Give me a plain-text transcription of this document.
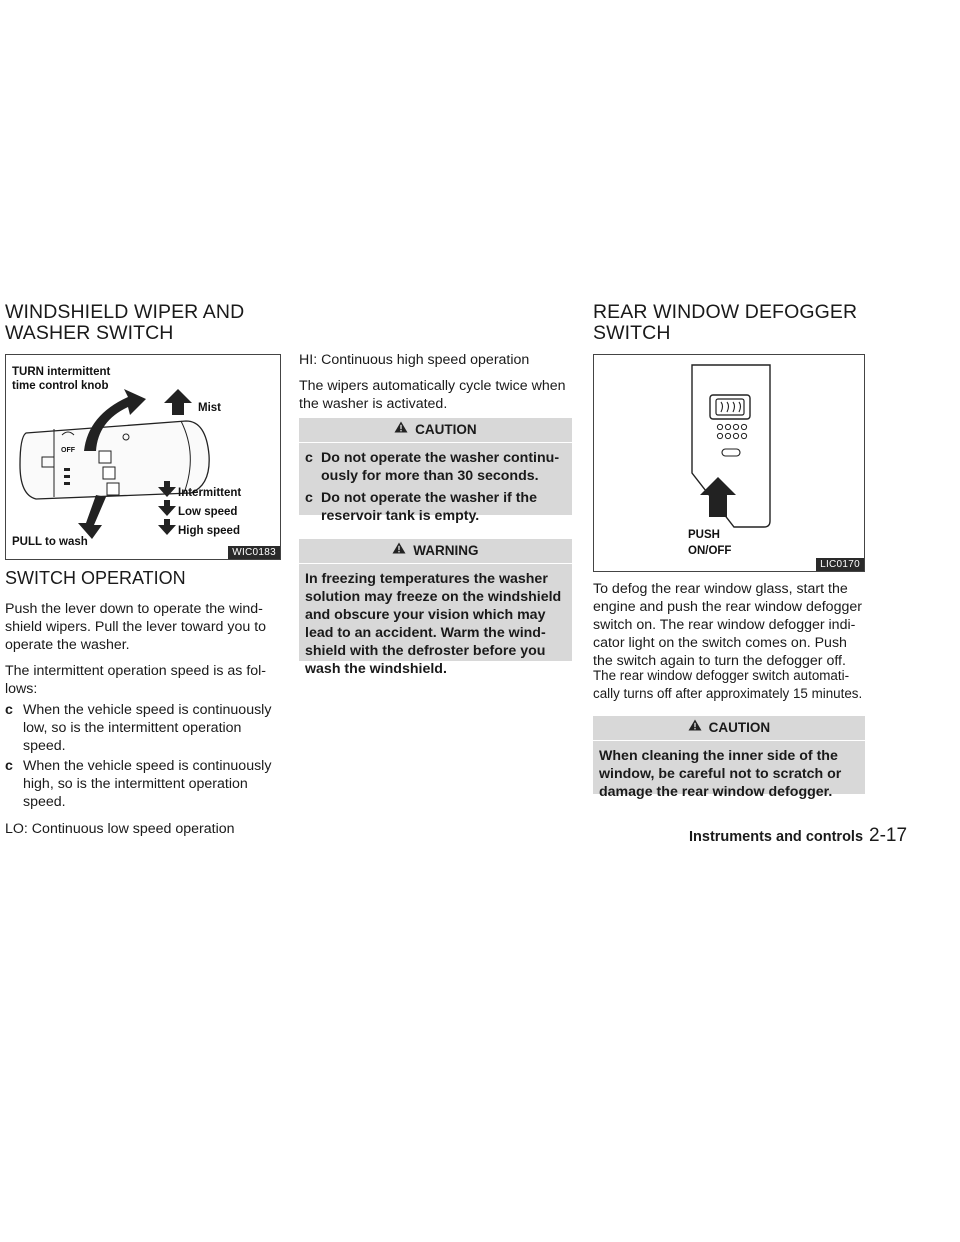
WINDSHIELD WIPER AND WASHER SWITCH
REAR WINDOW DEFOGGER SWITCH
TURN intermittent
time control knob
OFF
Mist
Intermittent
Low speed
High speed
PULL to wash
WIC0183
SWITCH OPERATION

Push the lever down to operate the wind- shield wipers. Pull the lever toward you to operate the washer.

The intermittent operation speed is as fol- lows:

c When the vehicle speed is continuously low, so is the intermittent operation speed.
c When the vehicle speed is continuously high, so is the intermittent operation speed.

LO: Continuous low speed operation

HI: Continuous high speed operation

The wipers automatically cycle twice when the washer is activated.

CAUTION
c Do not operate the washer continu- ously for more than 30 seconds.
c Do not operate the washer if the reservoir tank is empty.
WARNING
In freezing temperatures the washer solution may freeze on the windshield and obscure your vision which may lead to an accident. Warm the wind- shield with the defroster before you wash the windshield.
PUSH
ON/OFF
LIC0170

To defog the rear window glass, start the engine and push the rear window defogger switch on. The rear window defogger indi- cator light on the switch comes on. Push the switch again to turn the defogger off.

The rear window defogger switch automati- cally turns off after approximately 15 minutes.

CAUTION
When cleaning the inner side of the window, be careful not to scratch or damage the rear window defogger.
Instruments and controls 2-17
